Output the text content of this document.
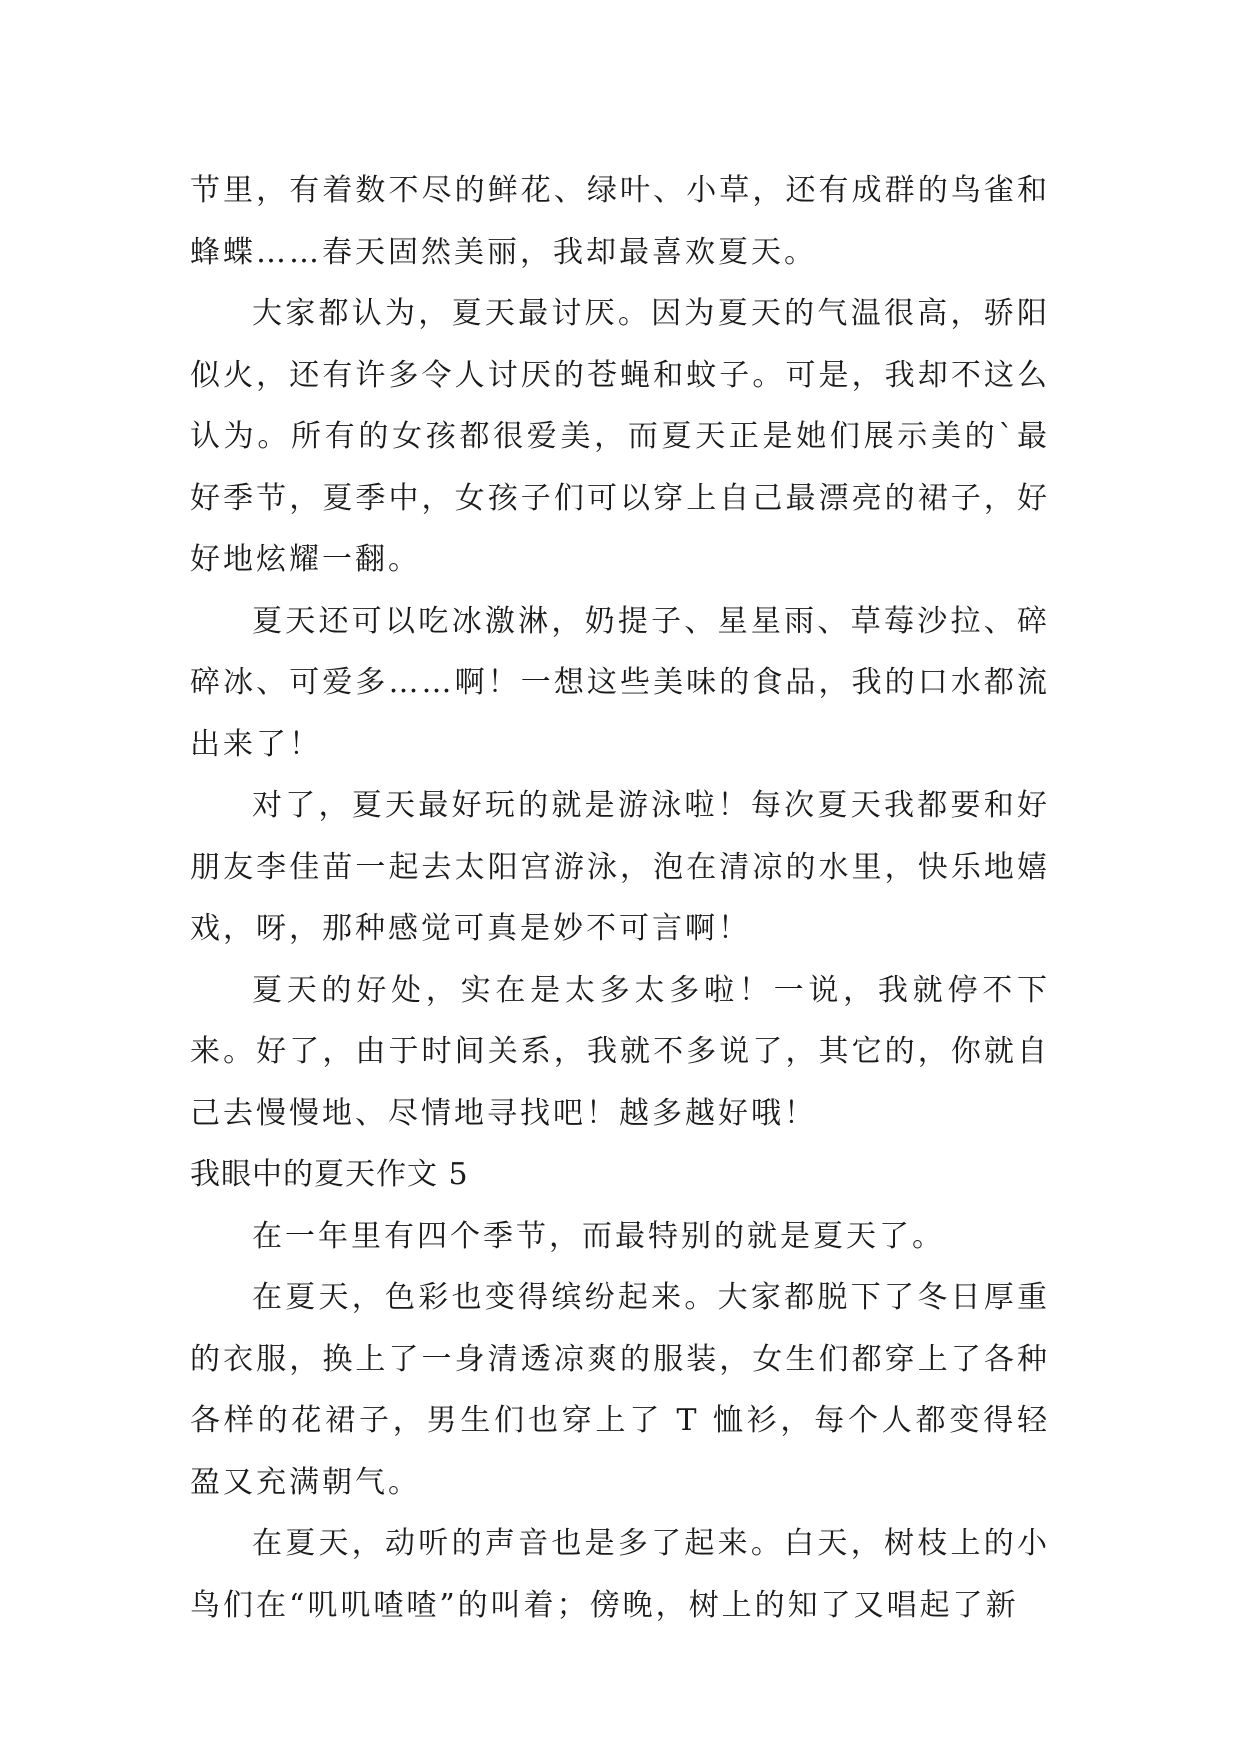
节里，有着数不尽的鲜花、绿叶、小草，还有成群的鸟雀和蜂蝶……春天固然美丽，我却最喜欢夏天。

大家都认为，夏天最讨厌。因为夏天的气温很高，骄阳似火，还有许多令人讨厌的苍蝇和蚊子。可是，我却不这么认为。所有的女孩都很爱美，而夏天正是她们展示美的`最好季节，夏季中，女孩子们可以穿上自己最漂亮的裙子，好好地炫耀一翻。

夏天还可以吃冰激淋，奶提子、星星雨、草莓沙拉、碎碎冰、可爱多……啊！一想这些美味的食品，我的口水都流出来了！

对了，夏天最好玩的就是游泳啦！每次夏天我都要和好朋友李佳苗一起去太阳宫游泳，泡在清凉的水里，快乐地嬉戏，呀，那种感觉可真是妙不可言啊！

夏天的好处，实在是太多太多啦！一说，我就停不下来。好了，由于时间关系，我就不多说了，其它的，你就自己去慢慢地、尽情地寻找吧！越多越好哦！

我眼中的夏天作文 5

在一年里有四个季节，而最特别的就是夏天了。

在夏天，色彩也变得缤纷起来。大家都脱下了冬日厚重的衣服，换上了一身清透凉爽的服装，女生们都穿上了各种各样的花裙子，男生们也穿上了 T 恤衫，每个人都变得轻盈又充满朝气。

在夏天，动听的声音也是多了起来。白天，树枝上的小鸟们在“叽叽喳喳”的叫着；傍晚，树上的知了又唱起了新
